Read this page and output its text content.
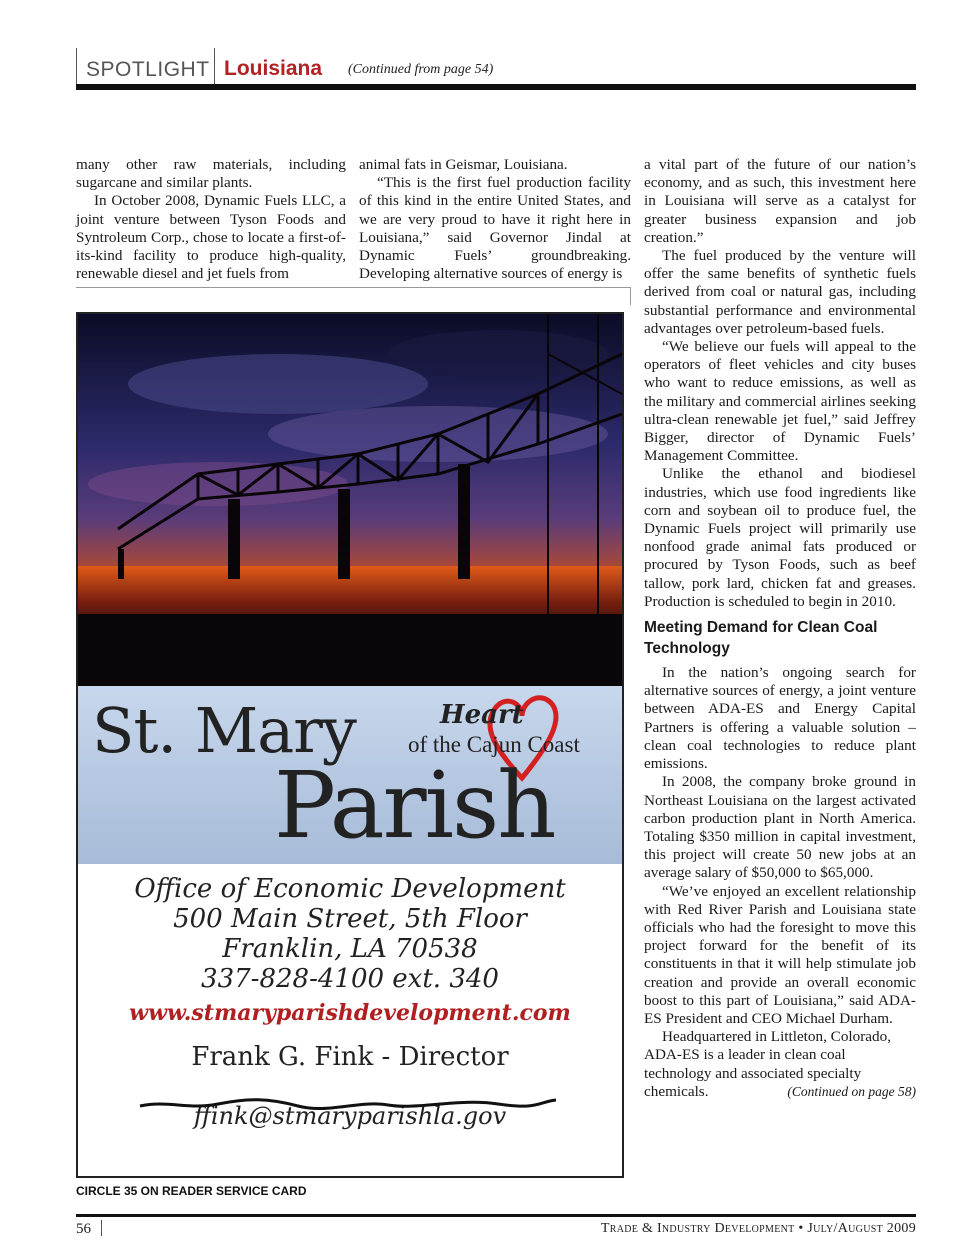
SPOTLIGHT Louisiana (Continued from page 54)

many other raw materials, including sugarcane and similar plants.

In October 2008, Dynamic Fuels LLC, a joint venture between Tyson Foods and Syntroleum Corp., chose to locate a first-of-its-kind facility to produce high-quality, renewable diesel and jet fuels from

animal fats in Geismar, Louisiana.

“This is the first fuel production facility of this kind in the entire United States, and we are very proud to have it right here in Louisiana,” said Governor Jindal at Dynamic Fuels’ groundbreaking. Developing alternative sources of energy is

a vital part of the future of our nation’s economy, and as such, this investment here in Louisiana will serve as a catalyst for greater business expansion and job creation.”

The fuel produced by the venture will offer the same benefits of synthetic fuels derived from coal or natural gas, including substantial performance and environmental advantages over petroleum-based fuels.

“We believe our fuels will appeal to the operators of fleet vehicles and city buses who want to reduce emissions, as well as the military and commercial airlines seeking ultra-clean renewable jet fuel,” said Jeffrey Bigger, director of Dynamic Fuels’ Management Committee.

Unlike the ethanol and biodiesel industries, which use food ingredients like corn and soybean oil to produce fuel, the Dynamic Fuels project will primarily use nonfood grade animal fats produced or procured by Tyson Foods, such as beef tallow, pork lard, chicken fat and greases. Production is scheduled to begin in 2010.

Meeting Demand for Clean Coal Technology

In the nation’s ongoing search for alternative sources of energy, a joint venture between ADA-ES and Energy Capital Partners is offering a valuable solution – clean coal technologies to reduce plant emissions.

In 2008, the company broke ground in Northeast Louisiana on the largest activated carbon production plant in North America. Totaling $350 million in capital investment, this project will create 50 new jobs at an average salary of $50,000 to $65,000.

“We’ve enjoyed an excellent relationship with Red River Parish and Louisiana state officials who had the foresight to move this project forward for the benefit of its constituents in that it will help stimulate job creation and provide an overall economic boost to this part of Louisiana,” said ADA-ES President and CEO Michael Durham.

Headquartered in Littleton, Colorado, ADA-ES is a leader in clean coal technology and associated specialty chemicals.	(Continued on page 58)

St. Mary	Heart
of the Cajun Coast
Parish
Office of Economic Development
500 Main Street, 5th Floor
Franklin, LA 70538
337-828-4100 ext. 340
www.stmaryparishdevelopment.com
Frank G. Fink - Director
ffink@stmaryparishla.gov
CIRCLE 35 ON READER SERVICE CARD
56	Trade & Industry Development • July/August 2009
